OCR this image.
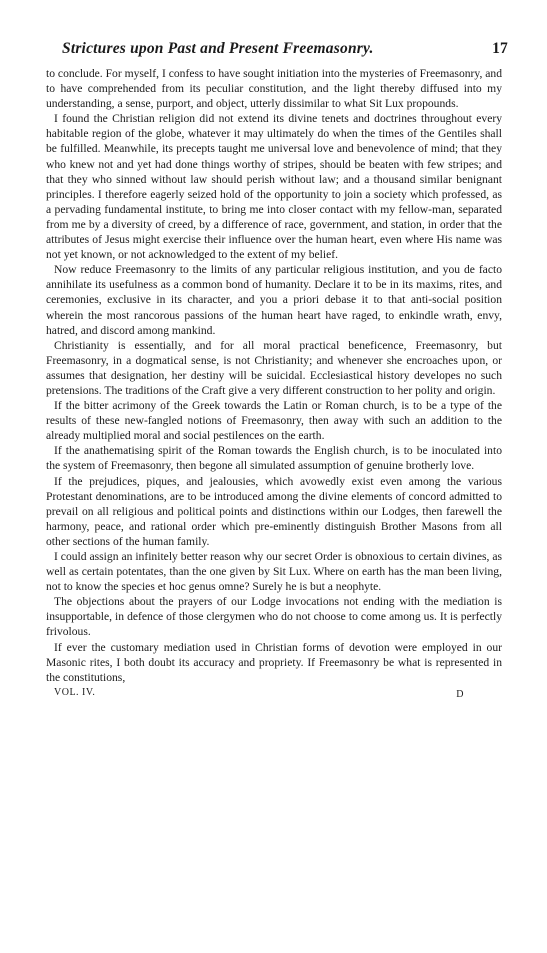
Strictures upon Past and Present Freemasonry.	17

to conclude. For myself, I confess to have sought initiation into the mysteries of Freemasonry, and to have comprehended from its peculiar constitution, and the light thereby diffused into my understanding, a sense, purport, and object, utterly dissimilar to what Sit Lux propounds.

I found the Christian religion did not extend its divine tenets and doctrines throughout every habitable region of the globe, whatever it may ultimately do when the times of the Gentiles shall be fulfilled. Meanwhile, its precepts taught me universal love and benevolence of mind; that they who knew not and yet had done things worthy of stripes, should be beaten with few stripes; and that they who sinned without law should perish without law; and a thousand similar benignant principles. I therefore eagerly seized hold of the opportunity to join a society which professed, as a pervading fundamental institute, to bring me into closer contact with my fellow-man, separated from me by a diversity of creed, by a difference of race, government, and station, in order that the attributes of Jesus might exercise their influence over the human heart, even where His name was not yet known, or not acknowledged to the extent of my belief.

Now reduce Freemasonry to the limits of any particular religious institution, and you de facto annihilate its usefulness as a common bond of humanity. Declare it to be in its maxims, rites, and ceremonies, exclusive in its character, and you a priori debase it to that anti-social position wherein the most rancorous passions of the human heart have raged, to enkindle wrath, envy, hatred, and discord among mankind.

Christianity is essentially, and for all moral practical beneficence, Freemasonry, but Freemasonry, in a dogmatical sense, is not Christianity; and whenever she encroaches upon, or assumes that designation, her destiny will be suicidal. Ecclesiastical history developes no such pretensions. The traditions of the Craft give a very different construction to her polity and origin.

If the bitter acrimony of the Greek towards the Latin or Roman church, is to be a type of the results of these new-fangled notions of Freemasonry, then away with such an addition to the already multiplied moral and social pestilences on the earth.

If the anathematising spirit of the Roman towards the English church, is to be inoculated into the system of Freemasonry, then begone all simulated assumption of genuine brotherly love.

If the prejudices, piques, and jealousies, which avowedly exist even among the various Protestant denominations, are to be introduced among the divine elements of concord admitted to prevail on all religious and political points and distinctions within our Lodges, then farewell the harmony, peace, and rational order which pre-eminently distinguish Brother Masons from all other sections of the human family.

I could assign an infinitely better reason why our secret Order is obnoxious to certain divines, as well as certain potentates, than the one given by Sit Lux. Where on earth has the man been living, not to know the species et hoc genus omne? Surely he is but a neophyte.

The objections about the prayers of our Lodge invocations not ending with the mediation is insupportable, in defence of those clergymen who do not choose to come among us. It is perfectly frivolous.

If ever the customary mediation used in Christian forms of devotion were employed in our Masonic rites, I both doubt its accuracy and propriety. If Freemasonry be what is represented in the constitutions,

VOL. IV.	D
